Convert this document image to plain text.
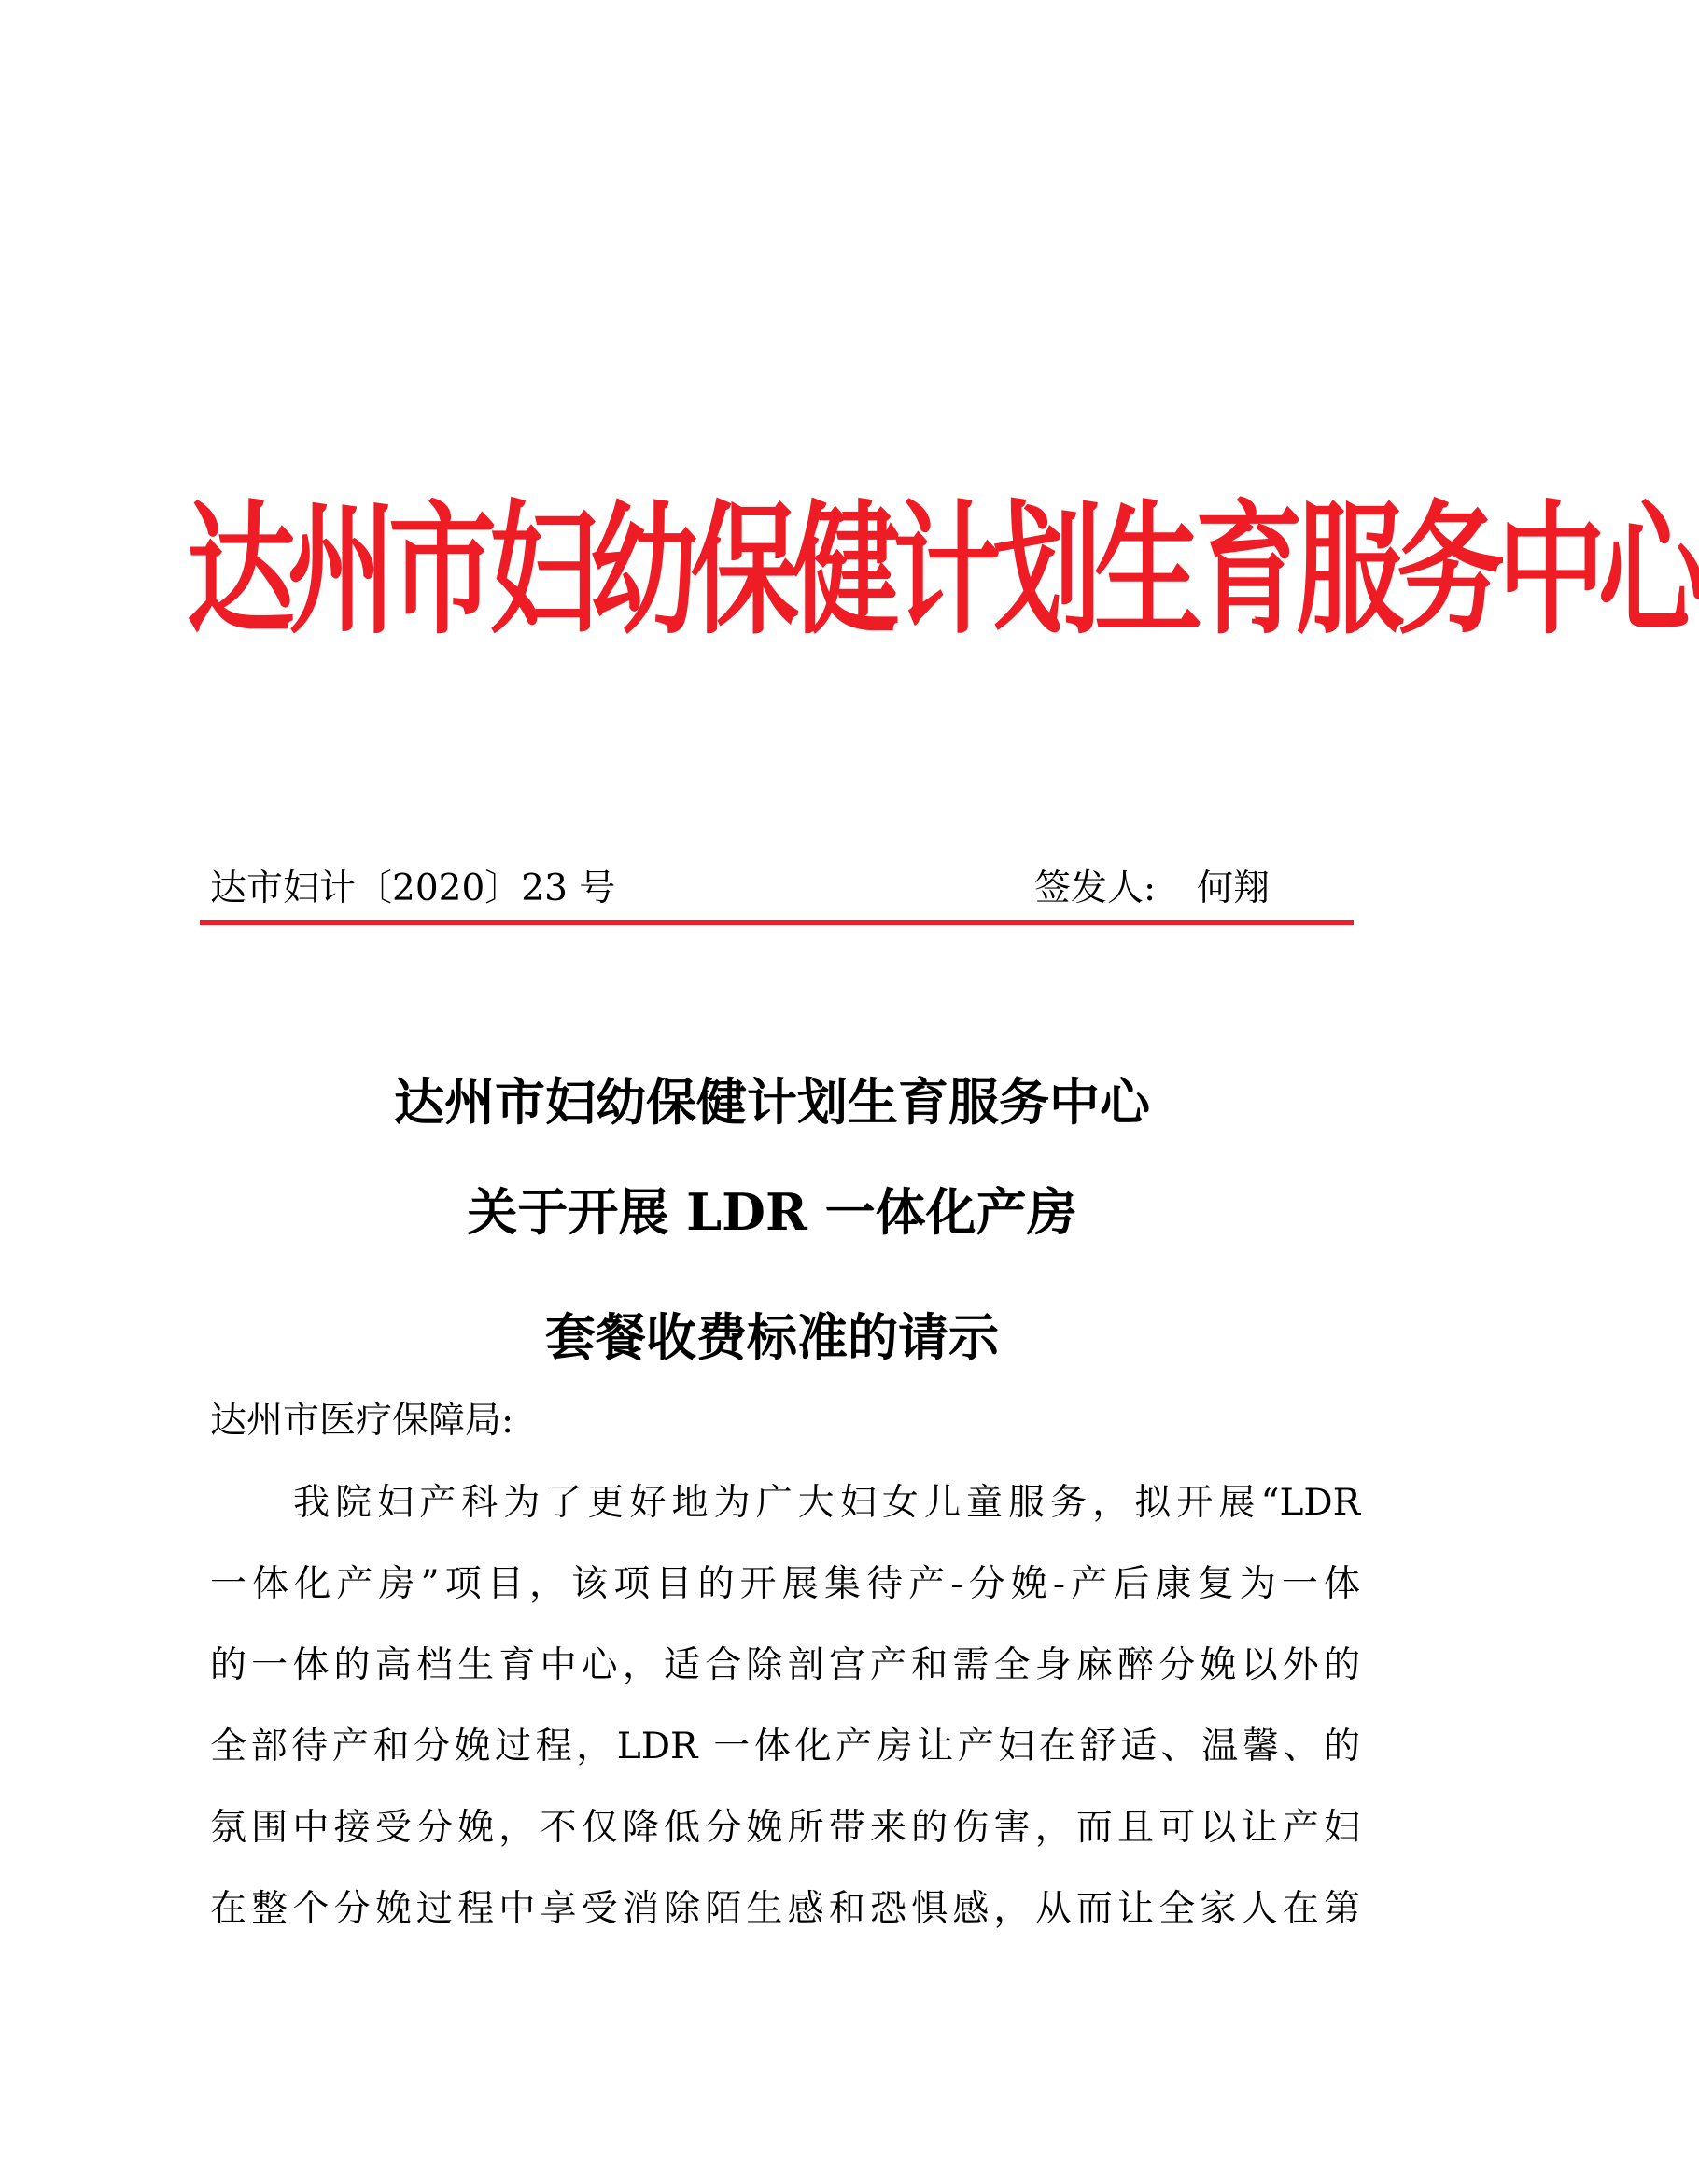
达州市妇幼保健计划生育服务中心
达市妇计〔2020〕23 号	签发人: 何翔
达州市妇幼保健计划生育服务中心
关于开展 LDR 一体化产房
套餐收费标准的请示
达州市医疗保障局:
我院妇产科为了更好地为广大妇女儿童服务，拟开展“LDR
一体化产房”项目，该项目的开展集待产-分娩-产后康复为一体
的一体的高档生育中心，适合除剖宫产和需全身麻醉分娩以外的
全部待产和分娩过程，LDR 一体化产房让产妇在舒适、温馨、的
氛围中接受分娩，不仅降低分娩所带来的伤害，而且可以让产妇
在整个分娩过程中享受消除陌生感和恐惧感，从而让全家人在第
